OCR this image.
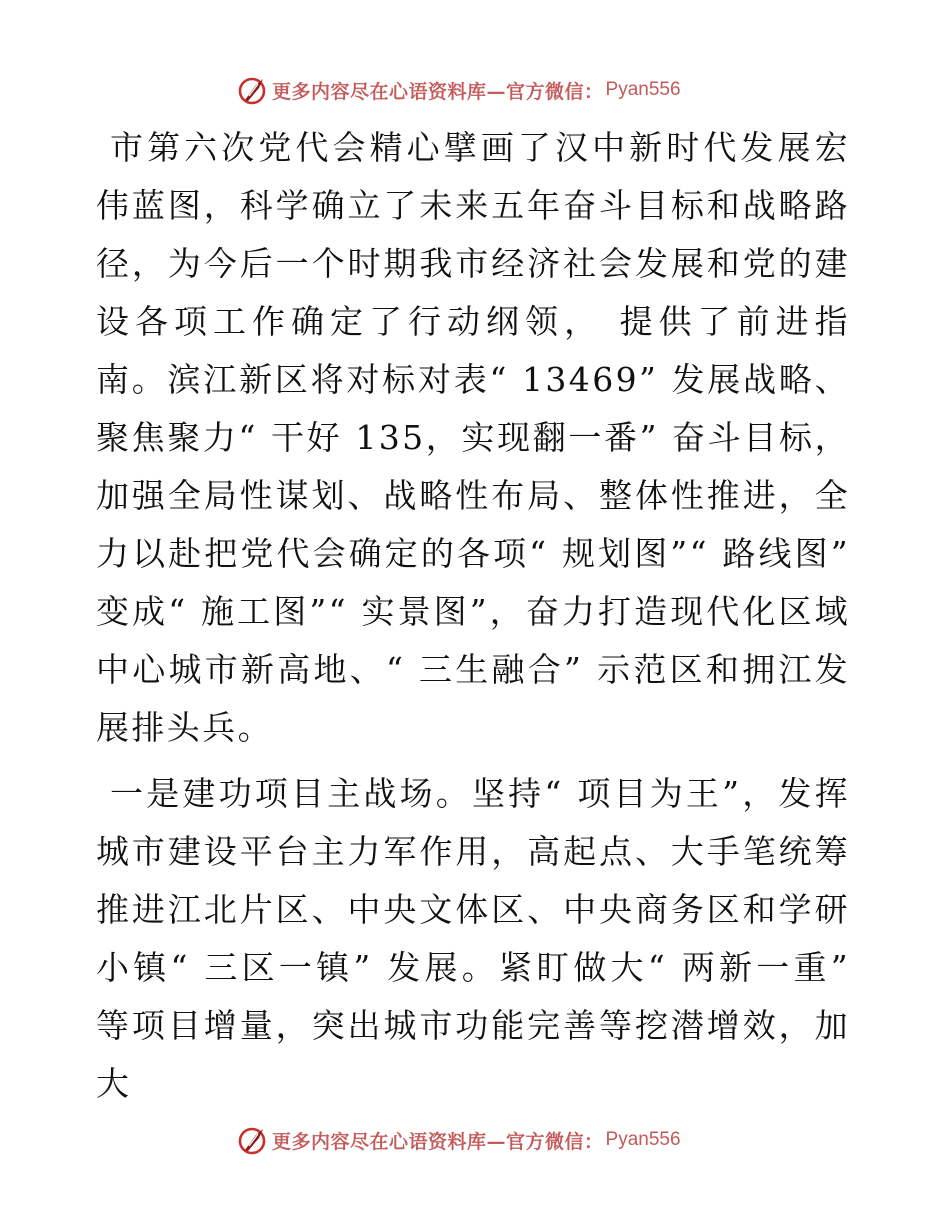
更多内容尽在心语资料库—官方微信： Pyan556

市第六次党代会精心擘画了汉中新时代发展宏伟蓝图，科学确立了未来五年奋斗目标和战略路径，为今后一个时期我市经济社会发展和党的建设各项工作确定了行动纲领， 提供了前进指南。滨江新区将对标对表“ 13469” 发展战略、聚焦聚力“ 干好 135，实现翻一番” 奋斗目标，加强全局性谋划、战略性布局、整体性推进，全力以赴把党代会确定的各项“ 规划图”“ 路线图” 变成“ 施工图”“ 实景图”，奋力打造现代化区域中心城市新高地、“ 三生融合” 示范区和拥江发展排头兵。

一是建功项目主战场。坚持“ 项目为王”，发挥城市建设平台主力军作用，高起点、大手笔统筹推进江北片区、中央文体区、中央商务区和学研小镇“ 三区一镇” 发展。紧盯做大“ 两新一重” 等项目增量，突出城市功能完善等挖潜增效，加大

更多内容尽在心语资料库—官方微信： Pyan556
